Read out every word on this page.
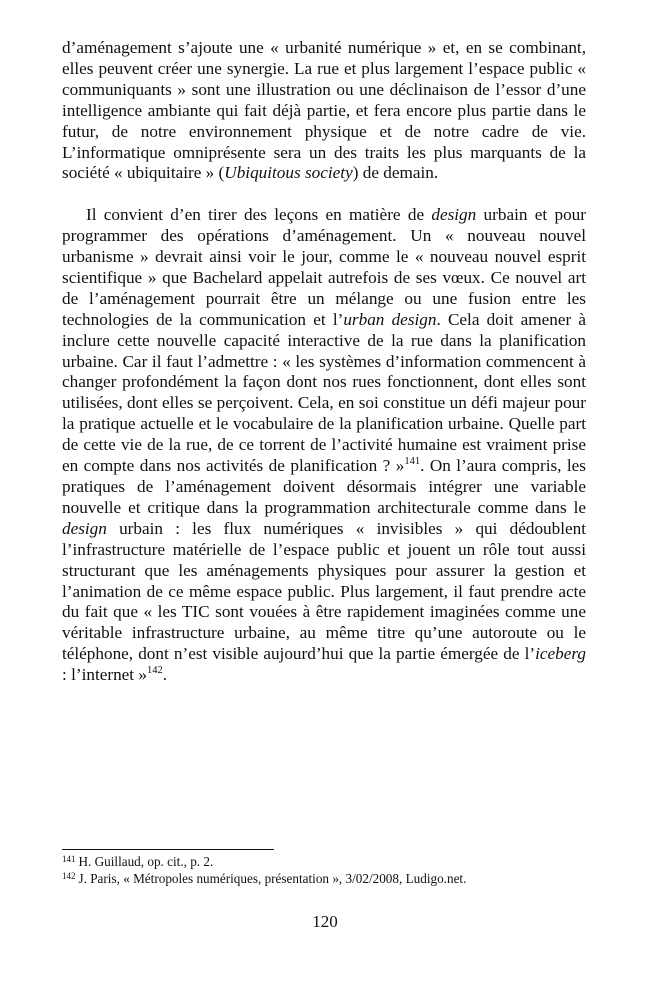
d’aménagement s’ajoute une « urbanité numérique » et, en se combinant, elles peuvent créer une synergie. La rue et plus largement l’espace public « communiquants » sont une illustration ou une déclinaison de l’essor d’une intelligence ambiante qui fait déjà partie, et fera encore plus partie dans le futur, de notre environnement physique et de notre cadre de vie. L’informatique omniprésente sera un des traits les plus marquants de la société « ubiquitaire » (Ubiquitous society) de demain.

Il convient d’en tirer des leçons en matière de design urbain et pour programmer des opérations d’aménagement. Un « nouveau nouvel urbanisme » devrait ainsi voir le jour, comme le « nouveau nouvel esprit scientifique » que Bachelard appelait autrefois de ses vœux. Ce nouvel art de l’aménagement pourrait être un mélange ou une fusion entre les technologies de la communication et l’urban design. Cela doit amener à inclure cette nouvelle capacité interactive de la rue dans la planification urbaine. Car il faut l’admettre : « les systèmes d’information commencent à changer profondément la façon dont nos rues fonctionnent, dont elles sont utilisées, dont elles se perçoivent. Cela, en soi constitue un défi majeur pour la pratique actuelle et le vocabulaire de la planification urbaine. Quelle part de cette vie de la rue, de ce torrent de l’activité humaine est vraiment prise en compte dans nos activités de planification ? »$^{141}$. On l’aura compris, les pratiques de l’aménagement doivent désormais intégrer une variable nouvelle et critique dans la programmation architecturale comme dans le design urbain : les flux numériques « invisibles » qui dédoublent l’infrastructure matérielle de l’espace public et jouent un rôle tout aussi structurant que les aménagements physiques pour assurer la gestion et l’animation de ce même espace public. Plus largement, il faut prendre acte du fait que « les TIC sont vouées à être rapidement imaginées comme une véritable infrastructure urbaine, au même titre qu’une autoroute ou le téléphone, dont n’est visible aujourd’hui que la partie émergée de l’iceberg : l’internet »$^{142}$.

$^{141}$ H. Guillaud, op. cit., p. 2.
$^{142}$ J. Paris, « Métropoles numériques, présentation », 3/02/2008, Ludigo.net.
120
